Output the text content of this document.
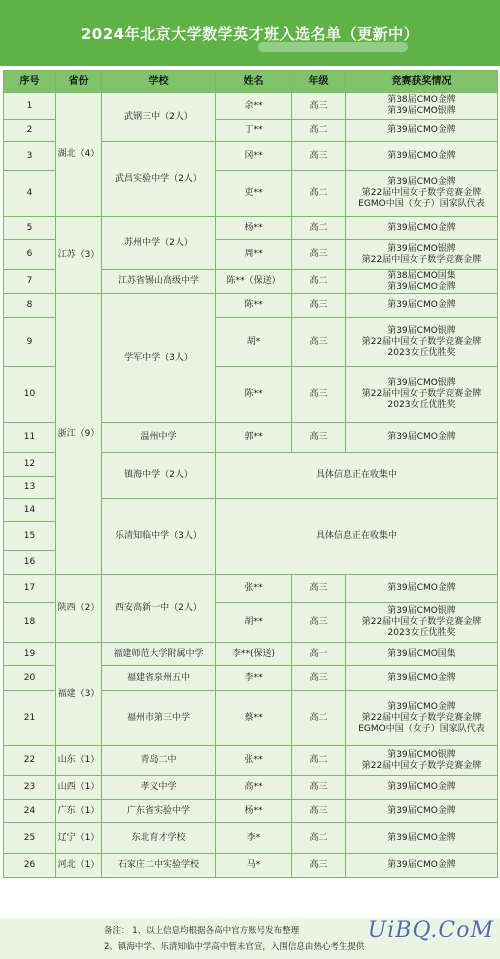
2024年北京大学数学英才班入选名单（更新中）
序号	省份	学校	姓名	年级	竞赛获奖情况
1	湖北（4）	武钢三中（2人）	余**	高三	第38届CMO金牌
第39届CMO银牌
2			丁**	高二	第39届CMO金牌
3		武昌实验中学（2人）	冈**	高三	第39届CMO金牌
4			吏**	高二	第39届CMO金牌
第22届中国女子数学竞赛金牌
EGMO中国（女子）国家队代表
5	江苏（3）	苏州中学（2人）	杨**	高二	第39届CMO金牌
6			周**	高三	第39届CMO银牌
第22届中国女子数学竞赛金牌
7		江苏省锡山高级中学	陈**（保送）	高二	第38届CMO国集
第39届CMO金牌
8	浙江（9）	学军中学（3人）	陈**	高三	第39届CMO金牌
9			胡*	高三	第39届CMO银牌
第22届中国女子数学竞赛金牌
2023女丘优胜奖
10			陈**	高三	第39届CMO银牌
第22届中国女子数学竞赛金牌
2023女丘优胜奖
11		温州中学	郭**	高三	第39届CMO金牌
12		镇海中学（2人）	具体信息正在收集中		
13					
14		乐清知临中学（3人）	具体信息正在收集中		
15					
16					
17	陕西（2）	西安高新一中（2人）	张**	高三	第39届CMO金牌
18			胡**	高三	第39届CMO银牌
第22届中国女子数学竞赛金牌
2023女丘优胜奖
19	福建（3）	福建师范大学附属中学	李**(保送)	高一	第39届CMO国集
20		福建省泉州五中	李**	高三	第39届CMO金牌
21		福州市第三中学	蔡**	高二	第39届CMO金牌
第22届中国女子数学竞赛金牌
EGMO中国（女子）国家队代表
22	山东（1）	青岛二中	张**	高二	第39届CMO银牌
第22届中国女子数学竞赛金牌
23	山西（1）	孝义中学	高**	高三	第39届CMO金牌
24	广东（1）	广东省实验中学	杨**	高三	第39届CMO金牌
25	辽宁（1）	东北育才学校	李*	高二	第39届CMO金牌
26	河北（1）	石家庄二中实验学校	马*	高三	第39届CMO金牌
备注： 1、以上信息均根据各高中官方账号发布整理
2、镇海中学、乐清知临中学高中暂未官宣，入围信息由热心考生提供
UiBQ.CoM
